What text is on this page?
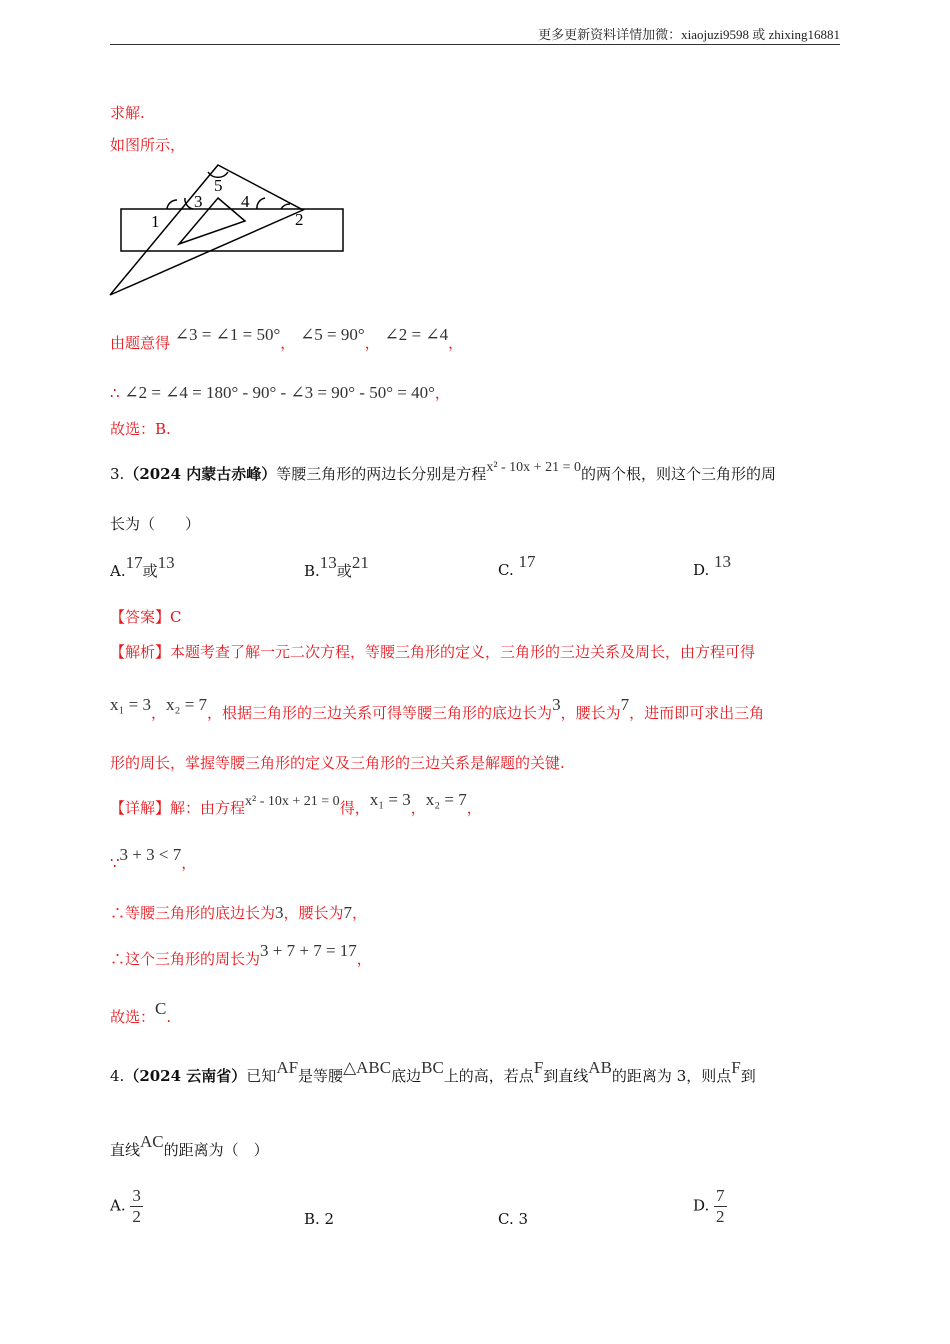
更多更新资料详情加微：xiaojuzi9598 或 zhixing16881
求解.
如图所示，
1	2
3 4
5
由题意得 ∠3 = ∠1 = 50°， ∠5 = 90°， ∠2 = ∠4，
∴ ∠2 = ∠4 = 180° - 90° - ∠3 = 90° - 50° = 40°，
故选：B.
3.（2024 内蒙古赤峰）等腰三角形的两边长分别是方程x² - 10x + 21 = 0的两个根，则这个三角形的周
长为（　　）
A.17或13	B.13或21	C. 17	D. 13
【答案】C
【解析】本题考查了解一元二次方程，等腰三角形的定义，三角形的三边关系及周长，由方程可得
x₁ = 3，x₂ = 7，根据三角形的三边关系可得等腰三角形的底边长为3，腰长为7，进而即可求出三角
形的周长，掌握等腰三角形的定义及三角形的三边关系是解题的关键.
【详解】解：由方程x² - 10x + 21 = 0得，x₁ = 3，x₂ = 7，
∵3 + 3 < 7，
∴等腰三角形的底边长为3，腰长为7，
∴这个三角形的周长为3 + 7 + 7 = 17，
故选：C.
4.（2024 云南省）已知AF是等腰△ABC底边BC上的高，若点F到直线AB的距离为 3，则点F到
直线AC的距离为（　）
A. $\frac{3}{2}$	B. 2	C. 3
D. $\frac{7}{2}$
